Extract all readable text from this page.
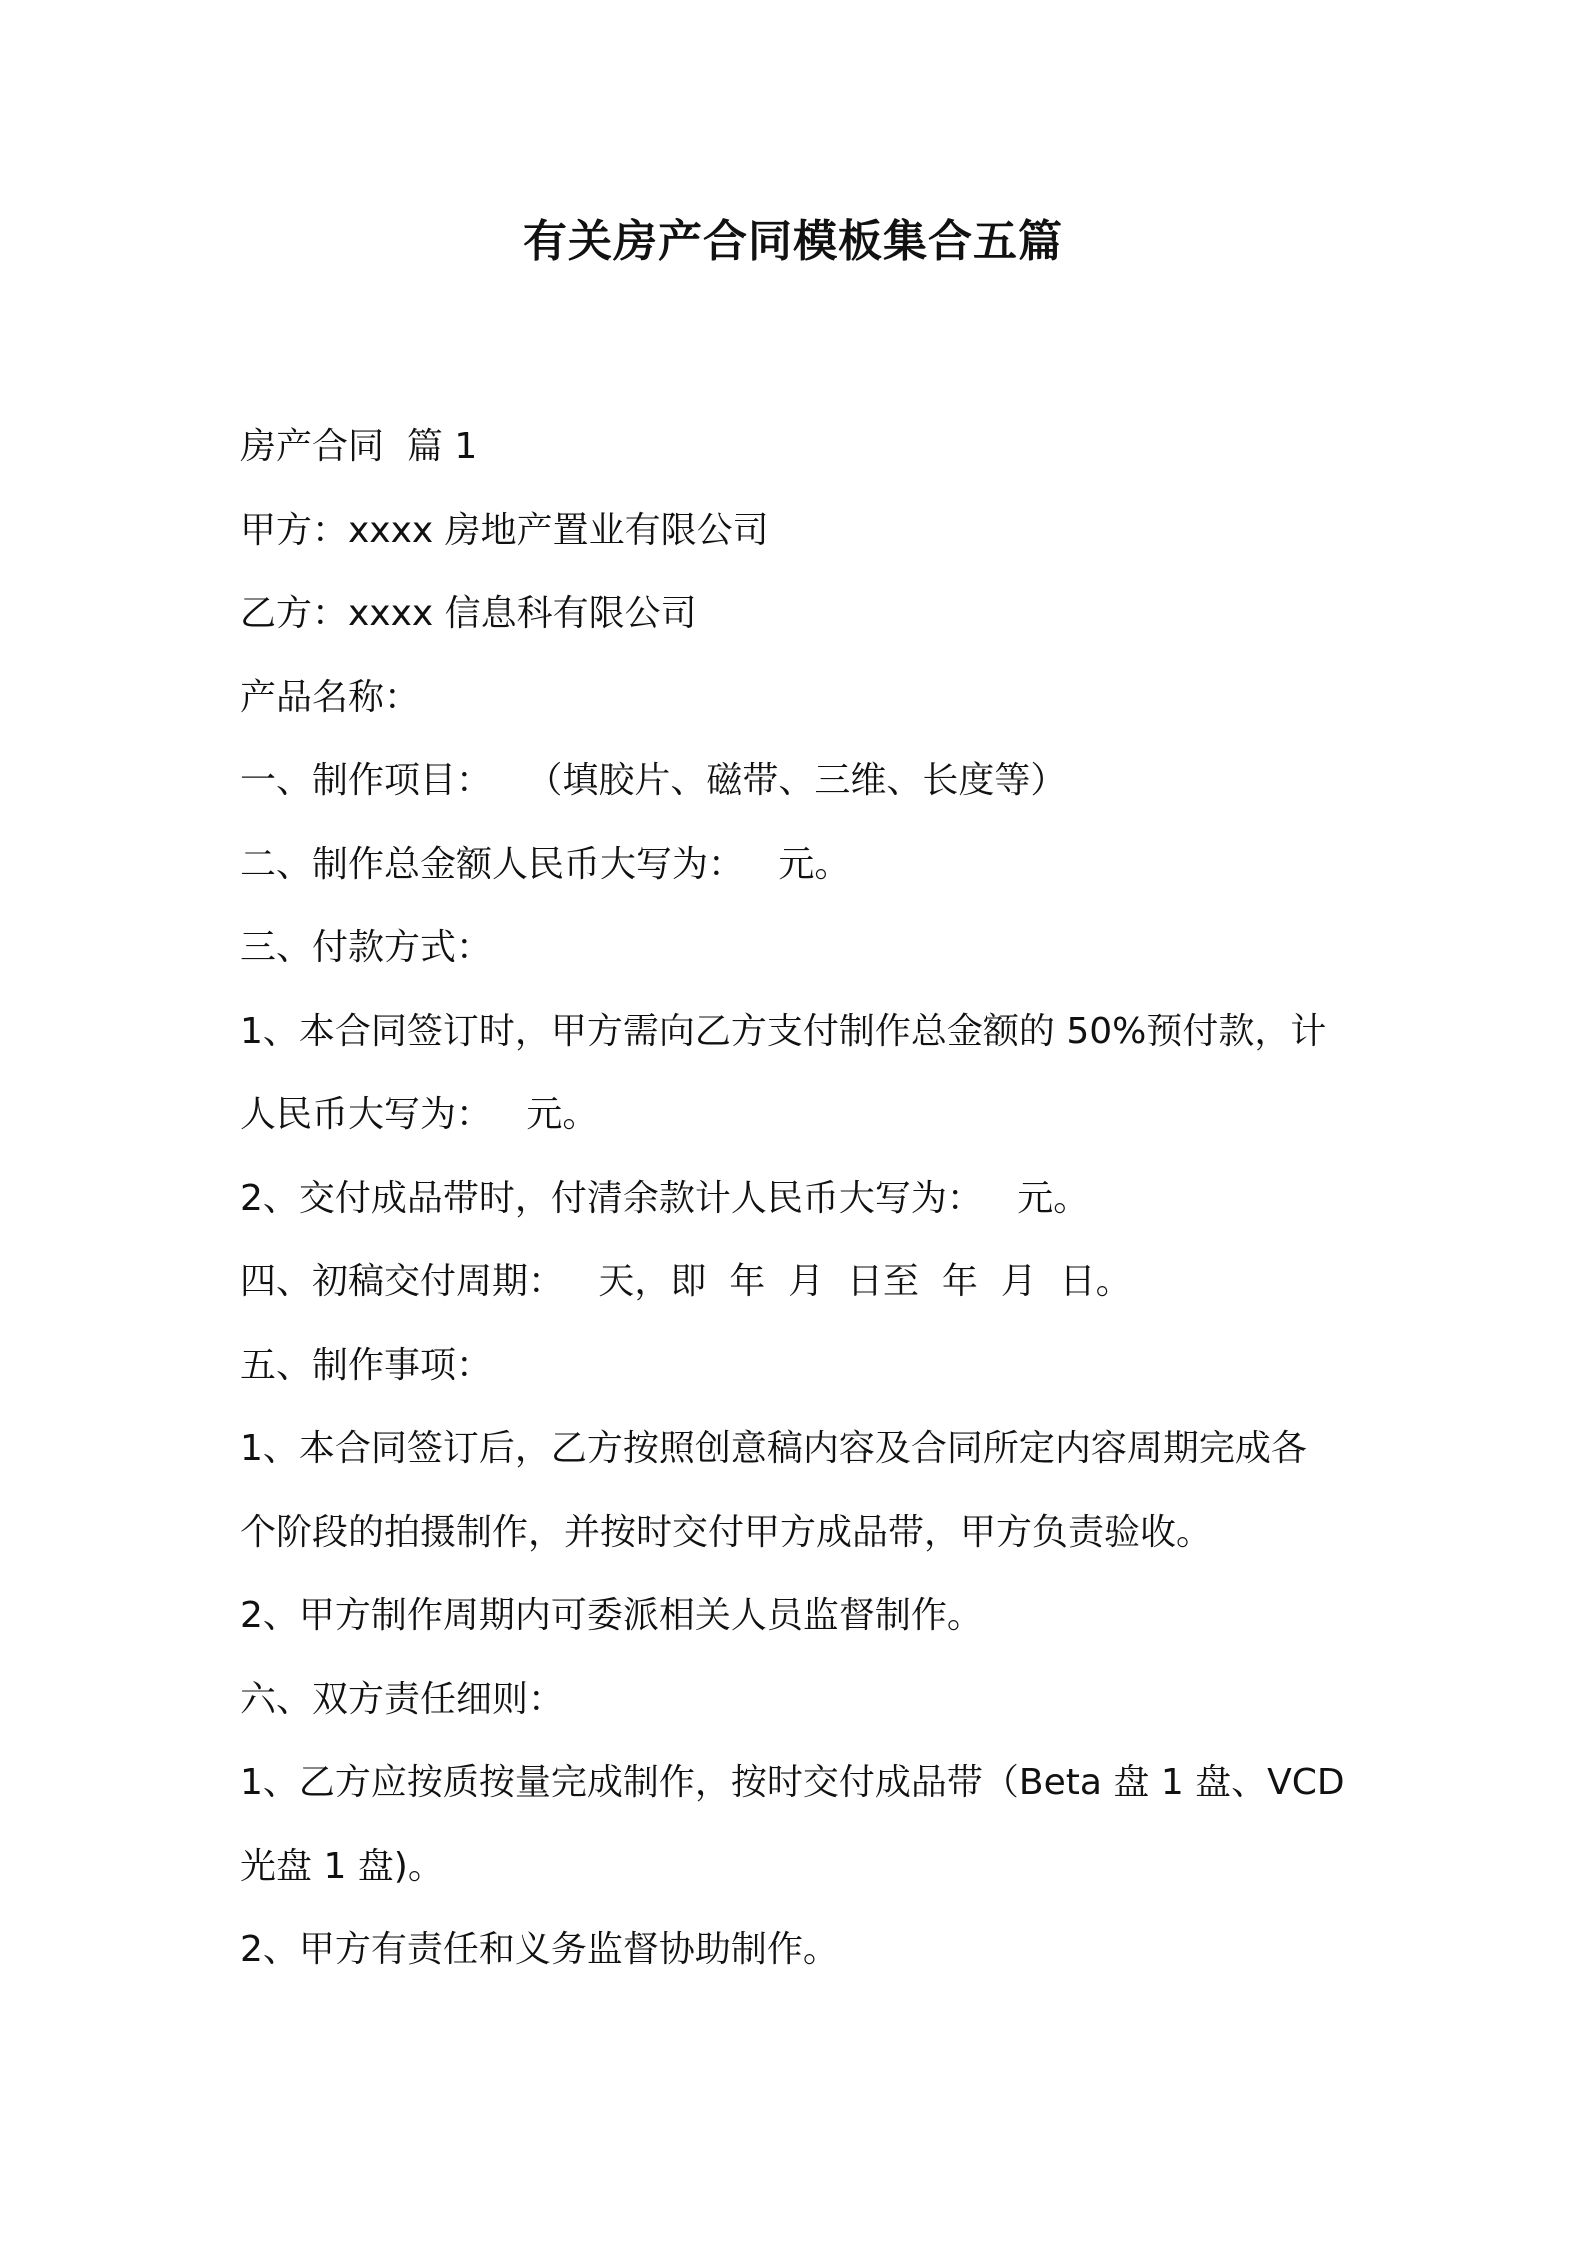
有关房产合同模板集合五篇

房产合同  篇 1

甲方：xxxx 房地产置业有限公司

乙方：xxxx 信息科有限公司

产品名称：

一、制作项目：   （填胶片、磁带、三维、长度等）

二、制作总金额人民币大写为：   元。

三、付款方式：

1、本合同签订时，甲方需向乙方支付制作总金额的 50%预付款，计

人民币大写为：   元。

2、交付成品带时，付清余款计人民币大写为：   元。

四、初稿交付周期：   天，即  年  月  日至  年  月  日。

五、制作事项：

1、本合同签订后，乙方按照创意稿内容及合同所定内容周期完成各

个阶段的拍摄制作，并按时交付甲方成品带，甲方负责验收。

2、甲方制作周期内可委派相关人员监督制作。

六、双方责任细则：

1、乙方应按质按量完成制作，按时交付成品带（Beta 盘 1 盘、VCD

光盘 1 盘)。

2、甲方有责任和义务监督协助制作。
